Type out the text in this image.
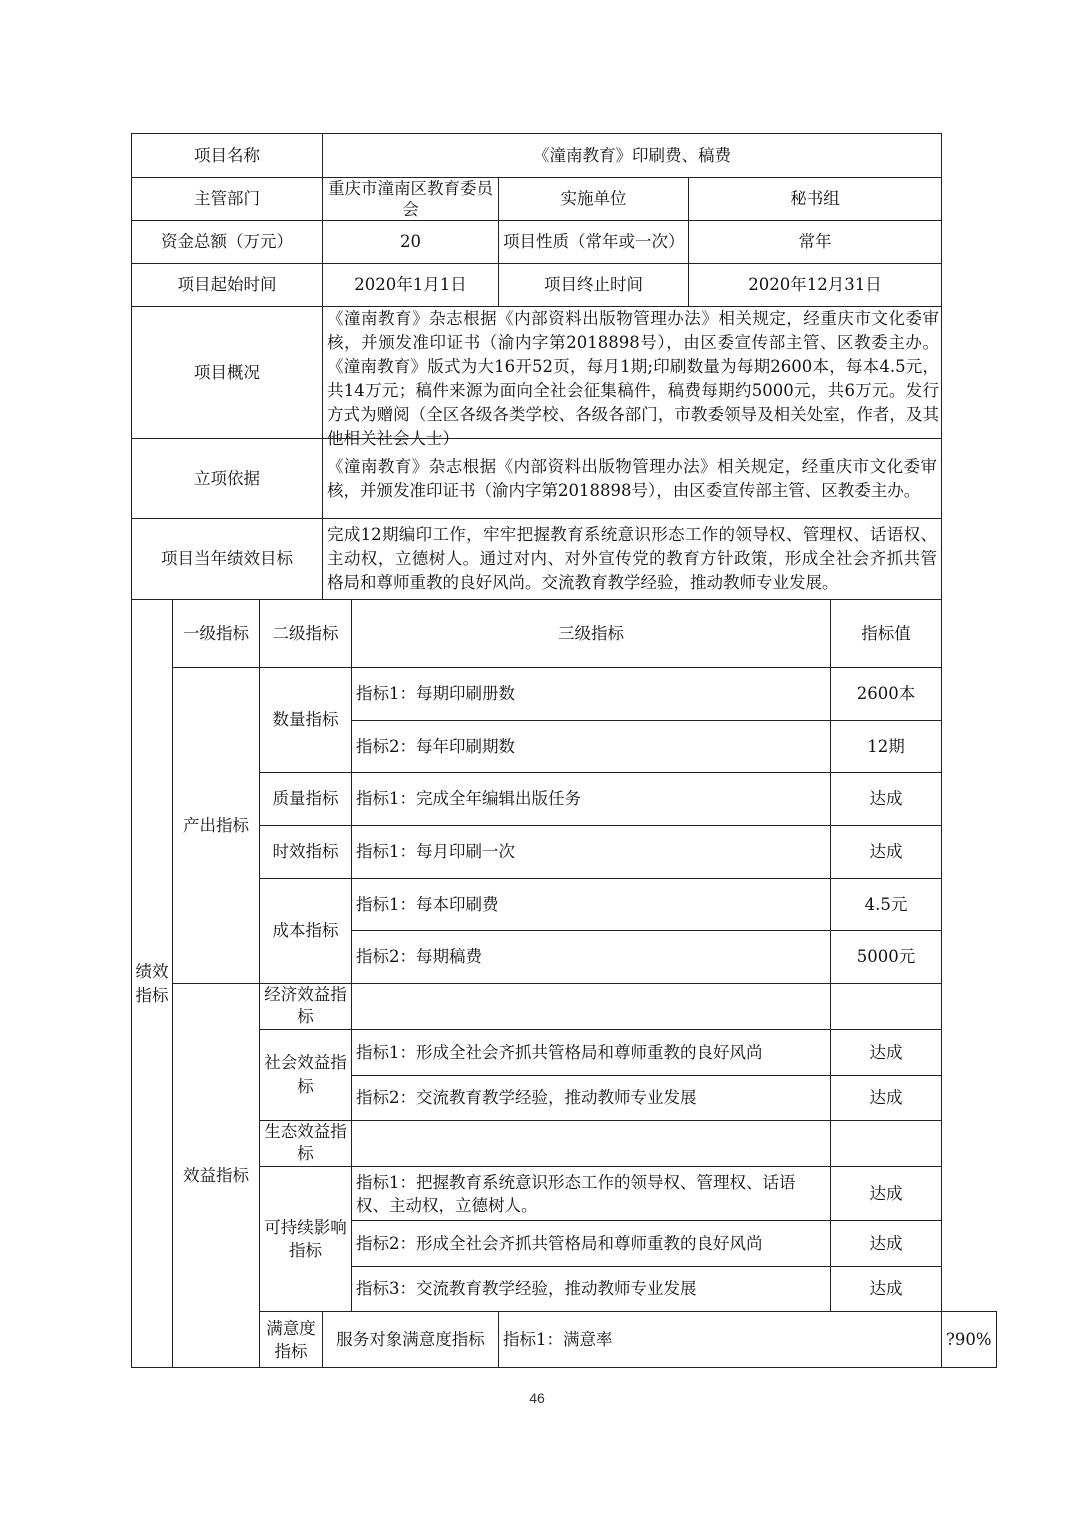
项目名称			《潼南教育》印刷费、稿费					
主管部门			重庆市潼南区教育委员会		实施单位	秘书组		
资金总额（万元）			20		项目性质（常年或一次）	常年		
项目起始时间			2020年1月1日		项目终止时间	2020年12月31日		
项目概况			《潼南教育》杂志根据《内部资料出版物管理办法》相关规定，经重庆市文化委审核，并颁发准印证书（渝内字第2018898号），由区委宣传部主管、区教委主办。《潼南教育》版式为大16开52页，每月1期;印刷数量为每期2600本，每本4.5元，共14万元；稿件来源为面向全社会征集稿件，稿费每期约5000元，共6万元。发行方式为赠阅（全区各级各类学校、各级各部门，市教委领导及相关处室，作者，及其他相关社会人士）					

立项依据			《潼南教育》杂志根据《内部资料出版物管理办法》相关规定，经重庆市文化委审核，并颁发准印证书（渝内字第2018898号），由区委宣传部主管、区教委主办。					
项目当年绩效目标			完成12期编印工作，牢牢把握教育系统意识形态工作的领导权、管理权、话语权、主动权，立德树人。通过对内、对外宣传党的教育方针政策，形成全社会齐抓共管格局和尊师重教的良好风尚。交流教育教学经验，推动教师专业发展。					
绩效指标	一级指标	二级指标		三级指标			指标值	
	产出指标	数量指标		指标1：每期印刷册数			2600本	
				指标2：每年印刷期数			12期	
		质量指标		指标1：完成全年编辑出版任务			达成	
		时效指标		指标1：每月印刷一次			达成	
		成本指标		指标1：每本印刷费			4.5元	
				指标2：每期稿费			5000元	
	效益指标	经济效益指标						
		社会效益指标		指标1：形成全社会齐抓共管格局和尊师重教的良好风尚			达成	
				指标2：交流教育教学经验，推动教师专业发展			达成	
		生态效益指标						
		可持续影响指标		指标1：把握教育系统意识形态工作的领导权、管理权、话语权、主动权，立德树人。			达成	
				指标2：形成全社会齐抓共管格局和尊师重教的良好风尚			达成	
				指标3：交流教育教学经验，推动教师专业发展			达成	
		满意度指标	服务对象满意度指标		指标1：满意率			?90%
46
